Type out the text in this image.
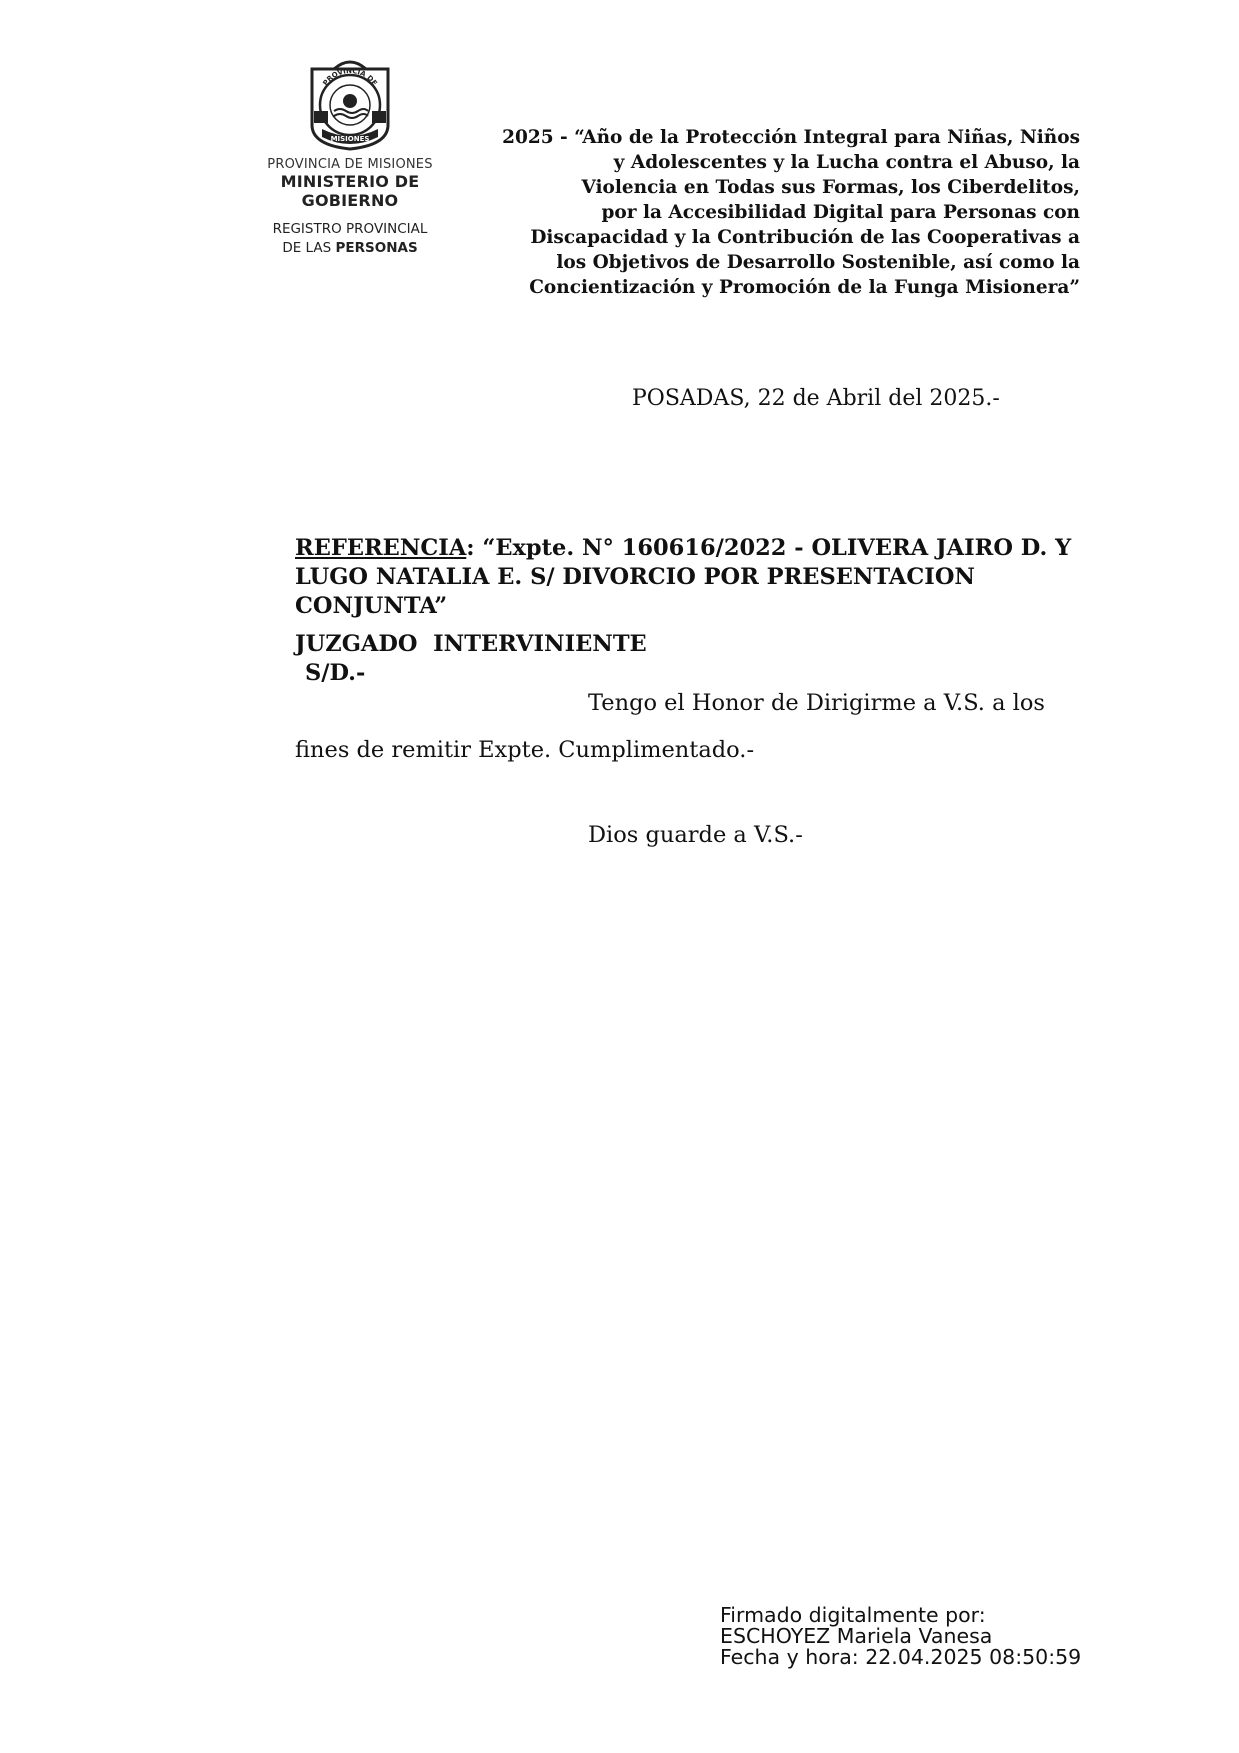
PROVINCIA DE
MISIONES
PROVINCIA DE MISIONES
MINISTERIO DE GOBIERNO
REGISTRO PROVINCIAL
DE LAS PERSONAS
2025 - “Año de la Protección Integral para Niñas, Niños
y Adolescentes y la Lucha contra el Abuso, la
Violencia en Todas sus Formas, los Ciberdelitos,
por la Accesibilidad Digital para Personas con
Discapacidad y la Contribución de las Cooperativas a
los Objetivos de Desarrollo Sostenible, así como la
Concientización y Promoción de la Funga Misionera”
POSADAS, 22 de Abril del 2025.-
REFERENCIA: “Expte. N° 160616/2022 - OLIVERA JAIRO D. Y
LUGO NATALIA E. S/ DIVORCIO POR PRESENTACION
CONJUNTA”
JUZGADO  INTERVINIENTE
S/D.-
Tengo el Honor de Dirigirme a V.S. a los
fines de remitir Expte. Cumplimentado.-
Dios guarde a V.S.-
Firmado digitalmente por:
ESCHOYEZ Mariela Vanesa
Fecha y hora: 22.04.2025 08:50:59
